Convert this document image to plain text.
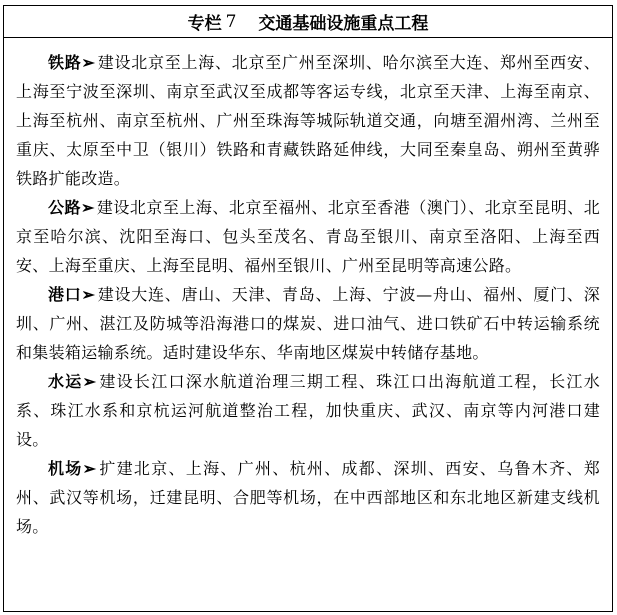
专栏 7 交通基础设施重点工程

铁路➢ 建设北京至上海、北京至广州至深圳、哈尔滨至大连、郑州至西安、上海至宁波至深圳、南京至武汉至成都等客运专线，北京至天津、上海至南京、上海至杭州、南京至杭州、广州至珠海等城际轨道交通，向塘至湄州湾、兰州至重庆、太原至中卫（银川）铁路和青藏铁路延伸线，大同至秦皇岛、朔州至黄骅铁路扩能改造。

公路➢ 建设北京至上海、北京至福州、北京至香港（澳门）、北京至昆明、北京至哈尔滨、沈阳至海口、包头至茂名、青岛至银川、南京至洛阳、上海至西安、上海至重庆、上海至昆明、福州至银川、广州至昆明等高速公路。

港口➢ 建设大连、唐山、天津、青岛、上海、宁波—舟山、福州、厦门、深圳、广州、湛江及防城等沿海港口的煤炭、进口油气、进口铁矿石中转运输系统和集装箱运输系统。适时建设华东、华南地区煤炭中转储存基地。

水运➢ 建设长江口深水航道治理三期工程、珠江口出海航道工程，长江水系、珠江水系和京杭运河航道整治工程，加快重庆、武汉、南京等内河港口建设。

机场➢ 扩建北京、上海、广州、杭州、成都、深圳、西安、乌鲁木齐、郑州、武汉等机场，迁建昆明、合肥等机场，在中西部地区和东北地区新建支线机场。
